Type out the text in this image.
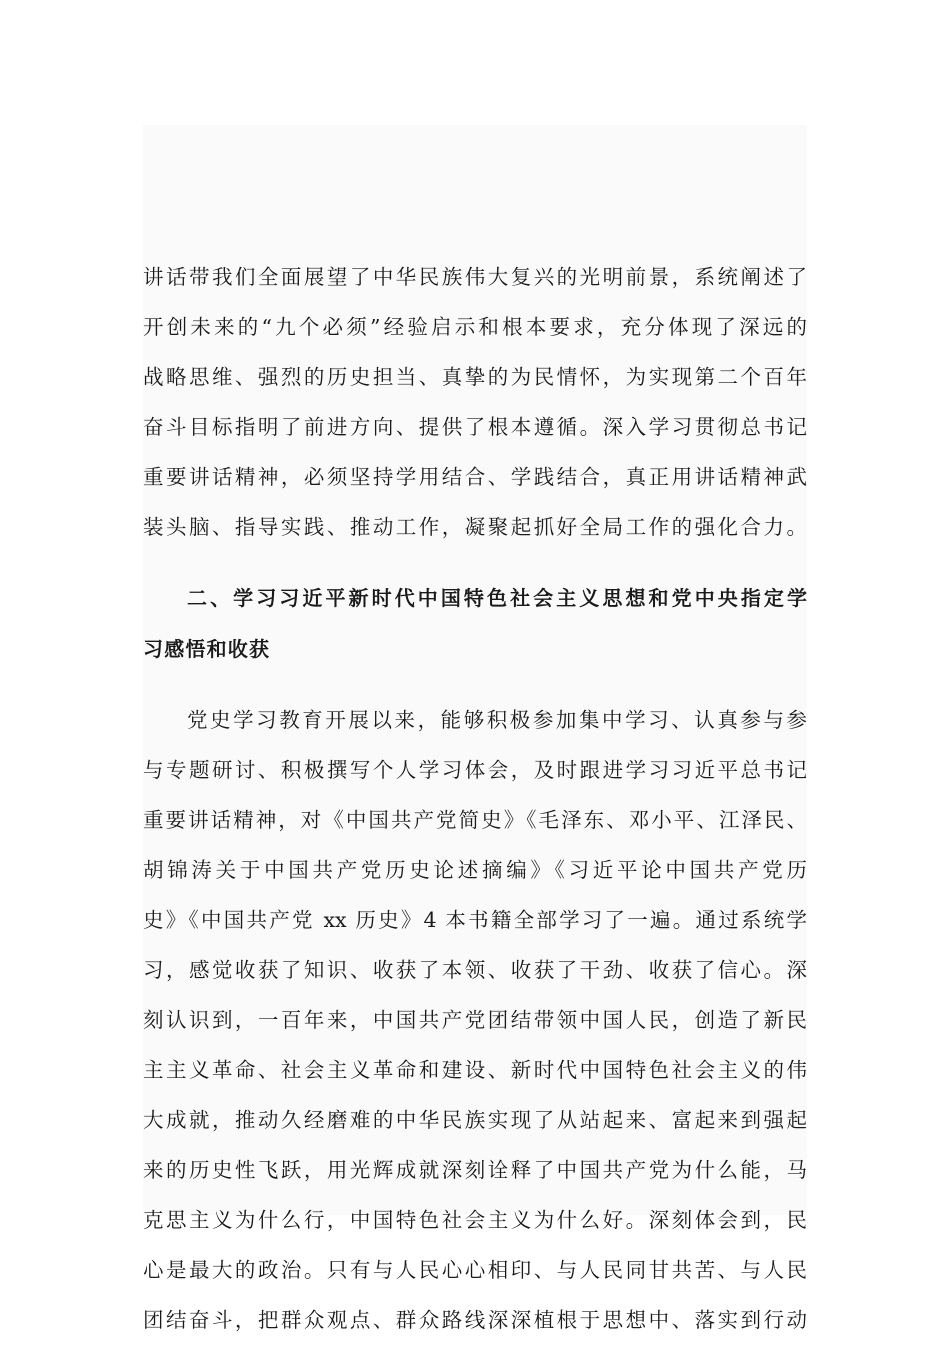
讲话带我们全面展望了中华民族伟大复兴的光明前景，系统阐述了
开创未来的“九个必须”经验启示和根本要求，充分体现了深远的
战略思维、强烈的历史担当、真挚的为民情怀，为实现第二个百年
奋斗目标指明了前进方向、提供了根本遵循。深入学习贯彻总书记
重要讲话精神，必须坚持学用结合、学践结合，真正用讲话精神武
装头脑、指导实践、推动工作，凝聚起抓好全局工作的强化合力。
二、学习习近平新时代中国特色社会主义思想和党中央指定学
习感悟和收获
党史学习教育开展以来，能够积极参加集中学习、认真参与参
与专题研讨、积极撰写个人学习体会，及时跟进学习习近平总书记
重要讲话精神，对《中国共产党简史》《毛泽东、邓小平、江泽民、
胡锦涛关于中国共产党历史论述摘编》《习近平论中国共产党历
史》《中国共产党 xx 历史》4 本书籍全部学习了一遍。通过系统学
习，感觉收获了知识、收获了本领、收获了干劲、收获了信心。深
刻认识到，一百年来，中国共产党团结带领中国人民，创造了新民
主主义革命、社会主义革命和建设、新时代中国特色社会主义的伟
大成就，推动久经磨难的中华民族实现了从站起来、富起来到强起
来的历史性飞跃，用光辉成就深刻诠释了中国共产党为什么能，马
克思主义为什么行，中国特色社会主义为什么好。深刻体会到，民
心是最大的政治。只有与人民心心相印、与人民同甘共苦、与人民
团结奋斗，把群众观点、群众路线深深植根于思想中、落实到行动
